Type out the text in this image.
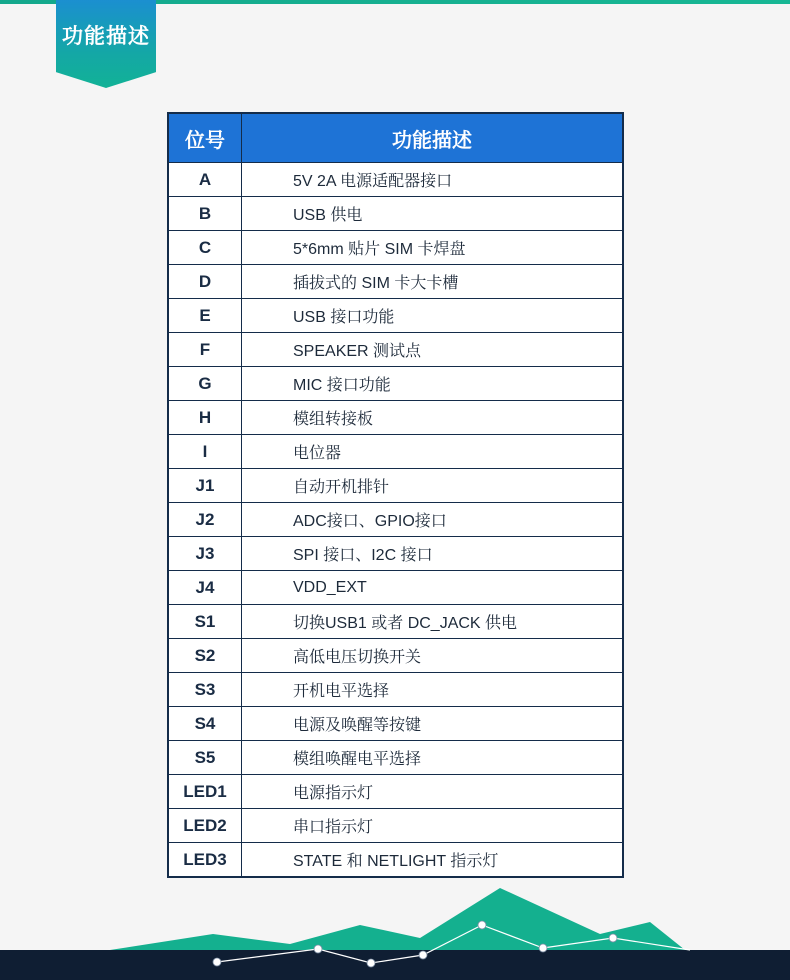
功能描述
位号	功能描述
A	5V 2A 电源适配器接口
B	USB 供电
C	5*6mm 贴片 SIM 卡焊盘
D	插拔式的 SIM 卡大卡槽
E	USB 接口功能
F	SPEAKER 测试点
G	MIC 接口功能
H	模组转接板
I	电位器
J1	自动开机排针
J2	ADC接口、GPIO接口
J3	SPI 接口、I2C 接口
J4	VDD_EXT
S1	切换USB1 或者 DC_JACK 供电
S2	高低电压切换开关
S3	开机电平选择
S4	电源及唤醒等按键
S5	模组唤醒电平选择
LED1	电源指示灯
LED2	串口指示灯
LED3	STATE 和 NETLIGHT 指示灯
